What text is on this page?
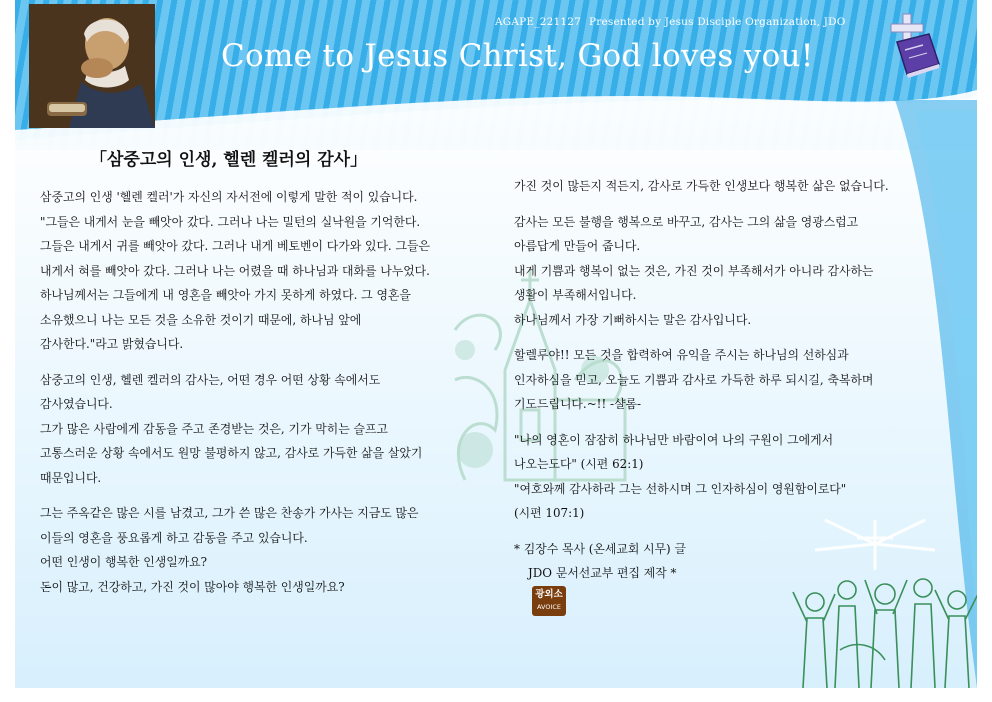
AGAPE_221127 Presented by Jesus Disciple Organization, JDO
Come to Jesus Christ, God loves you!
「삼중고의 인생, 헬렌 켈러의 감사」

삼중고의 인생 '헬렌 켈러'가 자신의 자서전에 이렇게 말한 적이 있습니다.
"그들은 내게서 눈을 빼앗아 갔다. 그러나 나는 밀턴의 실낙원을 기억한다.
그들은 내게서 귀를 빼앗아 갔다. 그러나 내게 베토벤이 다가와 있다. 그들은
내게서 혀를 빼앗아 갔다. 그러나 나는 어렸을 때 하나님과 대화를 나누었다.
하나님께서는 그들에게 내 영혼을 빼앗아 가지 못하게 하였다. 그 영혼을
소유했으니 나는 모든 것을 소유한 것이기 때문에, 하나님 앞에
감사한다."라고 밝혔습니다.

삼중고의 인생, 헬렌 켈러의 감사는, 어떤 경우 어떤 상황 속에서도
감사였습니다.
그가 많은 사람에게 감동을 주고 존경받는 것은, 기가 막히는 슬프고
고통스러운 상황 속에서도 원망 불평하지 않고, 감사로 가득한 삶을 살았기
때문입니다.

그는 주옥같은 많은 시를 남겼고, 그가 쓴 많은 찬송가 가사는 지금도 많은
이들의 영혼을 풍요롭게 하고 감동을 주고 있습니다.
어떤 인생이 행복한 인생일까요?
돈이 많고, 건강하고, 가진 것이 많아야 행복한 인생일까요?

가진 것이 많든지 적든지, 감사로 가득한 인생보다 행복한 삶은 없습니다.

감사는 모든 불행을 행복으로 바꾸고, 감사는 그의 삶을 영광스럽고
아름답게 만들어 줍니다.
내게 기쁨과 행복이 없는 것은, 가진 것이 부족해서가 아니라 감사하는
생활이 부족해서입니다.
하나님께서 가장 기뻐하시는 말은 감사입니다.

할렐루야!! 모든 것을 합력하여 유익을 주시는 하나님의 선하심과
인자하심을 믿고, 오늘도 기쁨과 감사로 가득한 하루 되시길, 축복하며
기도드립니다.~!! -샬롬-

"나의 영혼이 잠잠히 하나님만 바람이여 나의 구원이 그에게서
나오는도다" (시편 62:1)
"여호와께 감사하라 그는 선하시며 그 인자하심이 영원함이로다"
(시편 107:1)

* 김장수 목사 (온세교회 시무) 글
JDO 문서선교부 편집 제작 *
광외소
AVOICE
